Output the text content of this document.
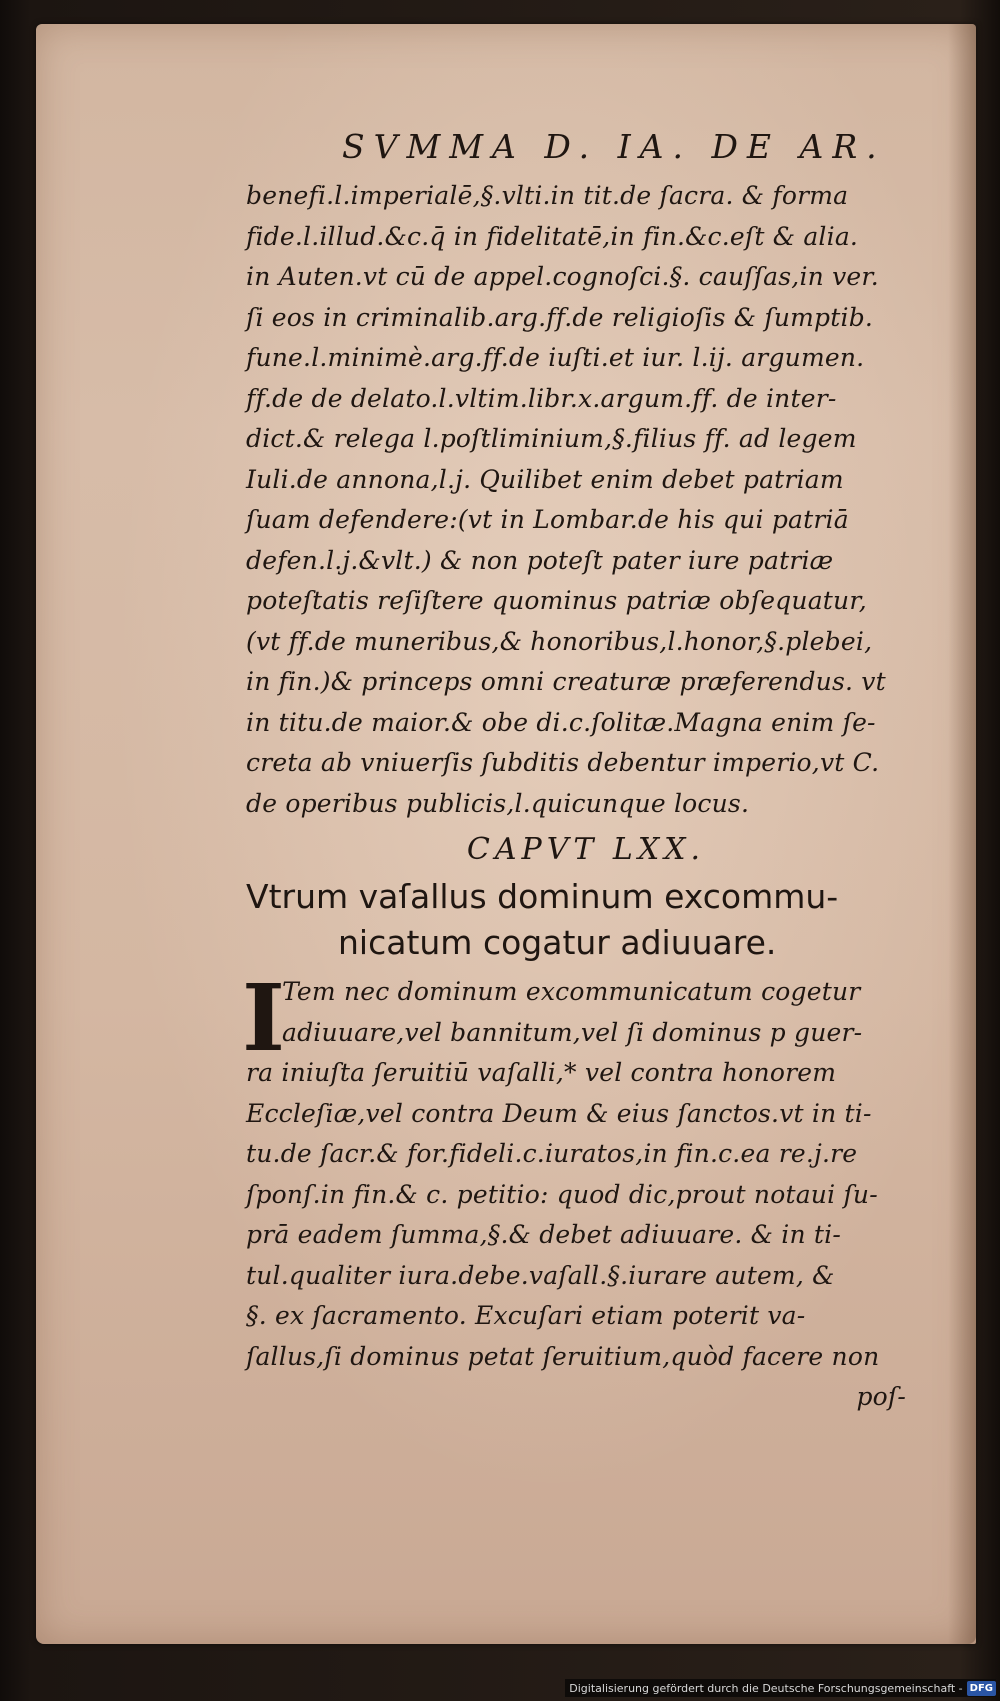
SVMMA D. IA. DE AR.
benefi.l.imperialē,§.vlti.in tit.de ſacra. & forma
fide.l.illud.&c.q̄ in fidelitatē,in fin.&c.eſt & alia.
in Auten.vt cū de appel.cognoſci.§. cauſſas,in ver.
ſi eos in criminalib.arg.ff.de religioſis & ſumptib.
fune.l.minimè.arg.ff.de iuſti.et iur. l.ij. argumen.
ff.de de delato.l.vltim.libr.x.argum.ff. de inter-
dict.& relega l.poſtliminium,§.filius ff. ad legem
Iuli.de annona,l.j. Quilibet enim debet patriam
ſuam defendere:(vt in Lombar.de his qui patriā
defen.l.j.&vlt.) & non poteſt pater iure patriæ
poteſtatis reſiſtere quominus patriæ obſequatur,
(vt ff.de muneribus,& honoribus,l.honor,§.plebei,
in fin.)& princeps omni creaturæ præferendus. vt
in titu.de maior.& obe di.c.ſolitæ.Magna enim ſe-
creta ab vniuerſis ſubditis debentur imperio,vt C.
de operibus publicis,l.quicunque locus.
CAPVT LXX.
Vtrum vaſallus dominum excommu-
nicatum cogatur adiuuare.
I
Tem nec dominum excommunicatum cogetur
adiuuare,vel bannitum,vel ſi dominus p guer-
ra iniuſta ſeruitiū vaſalli,* vel contra honorem
Eccleſiæ,vel contra Deum & eius ſanctos.vt in ti-
tu.de ſacr.& for.fideli.c.iuratos,in fin.c.ea re.j.re
ſponſ.in fin.& c. petitio: quod dic,prout notaui ſu-
prā eadem ſumma,§.& debet adiuuare. & in ti-
tul.qualiter iura.debe.vaſall.§.iurare autem, &
§. ex ſacramento. Excuſari etiam poterit va-
ſallus,ſi dominus petat ſeruitium,quòd facere non
poſ-
Digitalisierung gefördert durch die Deutsche Forschungsgemeinschaft - DFG
